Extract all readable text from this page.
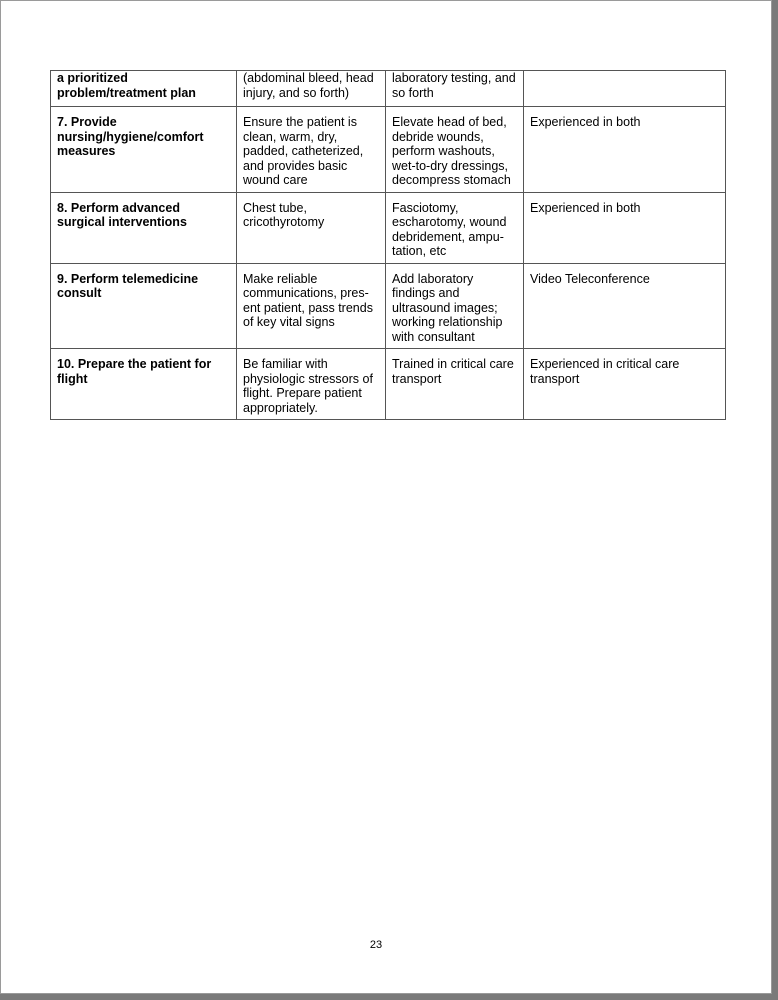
a prioritized
problem/treatment plan	(abdominal bleed, head
injury, and so forth)	laboratory testing, and
so forth	
7. Provide
nursing/hygiene/comfort
measures	Ensure the patient is
clean, warm, dry,
padded, catheterized,
and provides basic
wound care	Elevate head of bed,
debride wounds,
perform washouts,
wet-to-dry dressings,
decompress stomach	Experienced in both
8. Perform advanced
surgical interventions	Chest tube,
cricothyrotomy	Fasciotomy,
escharotomy, wound
debridement, ampu-
tation, etc	Experienced in both
9. Perform telemedicine
consult	Make reliable
communications, pres-
ent patient, pass trends
of key vital signs	Add laboratory
findings and
ultrasound images;
working relationship
with consultant	Video Teleconference
10. Prepare the patient for
flight	Be familiar with
physiologic stressors of
flight. Prepare patient
appropriately.	Trained in critical care
transport	Experienced in critical care
transport
23
